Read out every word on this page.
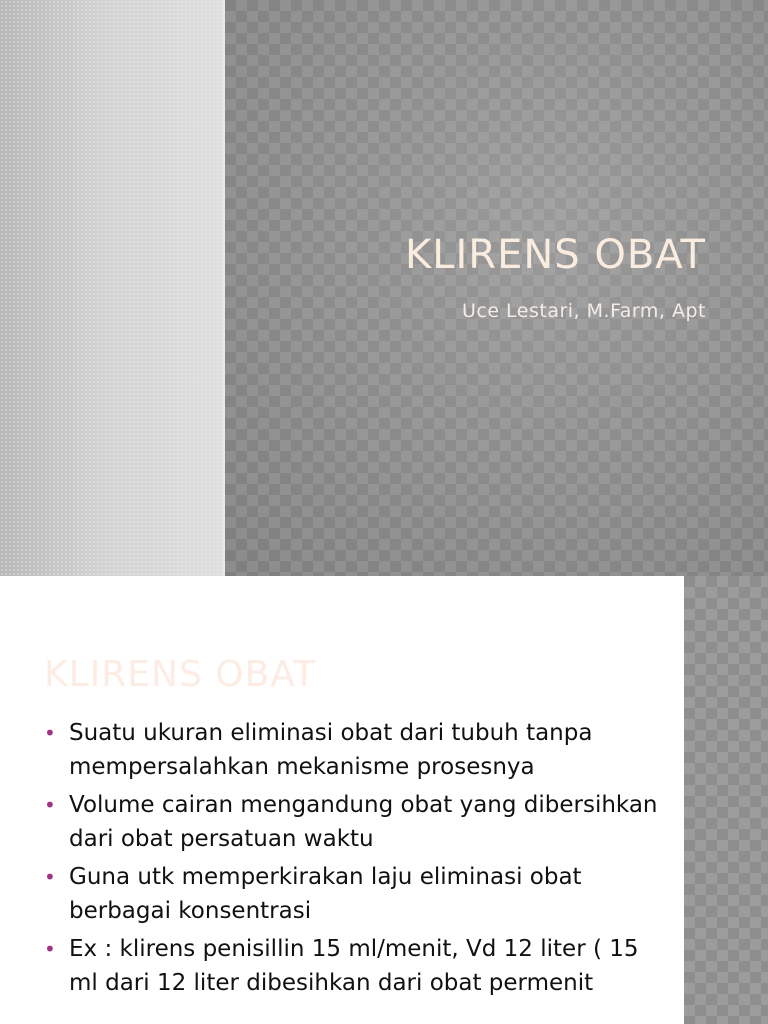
KLIRENS OBAT
Uce Lestari, M.Farm, Apt
KLIRENS OBAT
• Suatu ukuran eliminasi obat dari tubuh tanpa mempersalahkan mekanisme prosesnya
• Volume cairan mengandung obat yang dibersihkan dari obat persatuan waktu
• Guna utk memperkirakan laju eliminasi obat berbagai konsentrasi
• Ex : klirens penisillin 15 ml/menit, Vd 12 liter ( 15 ml dari 12 liter dibesihkan dari obat permenit
